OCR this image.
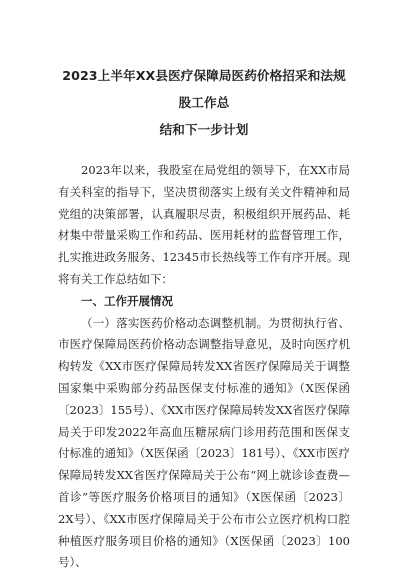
2023上半年XX县医疗保障局医药价格招采和法规股工作总
结和下一步计划

2023年以来，我股室在局党组的领导下，在XX市局有关科室的指导下，坚决贯彻落实上级有关文件精神和局党组的决策部署，认真履职尽责，积极组织开展药品、耗材集中带量采购工作和药品、医用耗材的监督管理工作，扎实推进政务服务、12345市长热线等工作有序开展。现将有关工作总结如下：

一、工作开展情况

（一）落实医药价格动态调整机制。为贯彻执行省、市医疗保障局医药价格动态调整指导意见，及时向医疗机构转发《XX市医疗保障局转发XX省医疗保障局关于调整国家集中采购部分药品医保支付标准的通知》（X医保函〔2023〕155号）、《XX市医疗保障局转发XX省医疗保障局关于印发2022年高血压糖尿病门诊用药范围和医保支付标准的通知》（X医保函〔2023〕181号）、《XX市医疗保障局转发XX省医疗保障局关于公布“网上就诊诊查费—首诊”等医疗服务价格项目的通知》（X医保函〔2023〕2X号）、《XX市医疗保障局关于公布市公立医疗机构口腔种植医疗服务项目价格的通知》（X医保函〔2023〕100号）、
